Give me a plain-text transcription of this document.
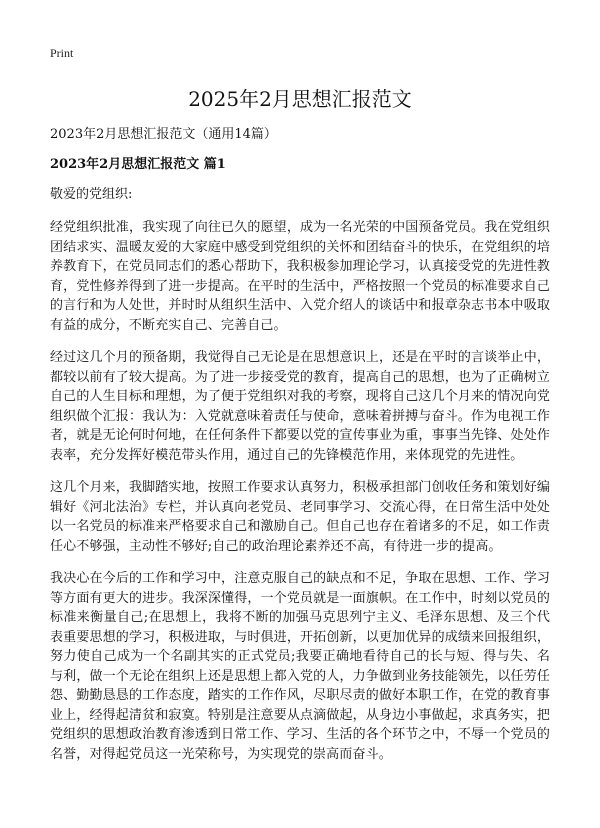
Print
2025年2月思想汇报范文
2023年2月思想汇报范文（通用14篇）
2023年2月思想汇报范文 篇1
敬爱的党组织:

经党组织批准，我实现了向往已久的愿望，成为一名光荣的中国预备党员。我在党组织团结求实、温暖友爱的大家庭中感受到党组织的关怀和团结奋斗的快乐，在党组织的培养教育下，在党员同志们的悉心帮助下，我积极参加理论学习，认真接受党的先进性教育，党性修养得到了进一步提高。在平时的生活中，严格按照一个党员的标准要求自己的言行和为人处世，并时时从组织生活中、入党介绍人的谈话中和报章杂志书本中吸取有益的成分，不断充实自己、完善自己。

经过这几个月的预备期，我觉得自己无论是在思想意识上，还是在平时的言谈举止中，都较以前有了较大提高。为了进一步接受党的教育，提高自己的思想，也为了正确树立自己的人生目标和理想，为了便于党组织对我的考察，现将自己这几个月来的情况向党组织做个汇报：我认为：入党就意味着责任与使命，意味着拼搏与奋斗。作为电视工作者，就是无论何时何地，在任何条件下都要以党的宣传事业为重，事事当先锋、处处作表率，充分发挥好模范带头作用，通过自己的先锋模范作用，来体现党的先进性。

这几个月来，我脚踏实地，按照工作要求认真努力，积极承担部门创收任务和策划好编辑好《河北法治》专栏，并认真向老党员、老同事学习、交流心得，在日常生活中处处以一名党员的标准来严格要求自己和激励自己。但自己也存在着诸多的不足，如工作责任心不够强，主动性不够好;自己的政治理论素养还不高，有待进一步的提高。

我决心在今后的工作和学习中，注意克服自己的缺点和不足，争取在思想、工作、学习等方面有更大的进步。我深深懂得，一个党员就是一面旗帜。在工作中，时刻以党员的标准来衡量自己;在思想上，我将不断的加强马克思列宁主义、毛泽东思想、及三个代表重要思想的学习，积极进取，与时俱进，开拓创新，以更加优异的成绩来回报组织，努力使自己成为一个名副其实的正式党员;我要正确地看待自己的长与短、得与失、名与利，做一个无论在组织上还是思想上都入党的人，力争做到业务技能领先，以任劳任怨、勤勤恳恳的工作态度，踏实的工作作风，尽职尽责的做好本职工作，在党的教育事业上，经得起清贫和寂寞。特别是注意要从点滴做起，从身边小事做起，求真务实，把党组织的思想政治教育渗透到日常工作、学习、生活的各个环节之中，不辱一个党员的名誉，对得起党员这一光荣称号，为实现党的崇高而奋斗。
